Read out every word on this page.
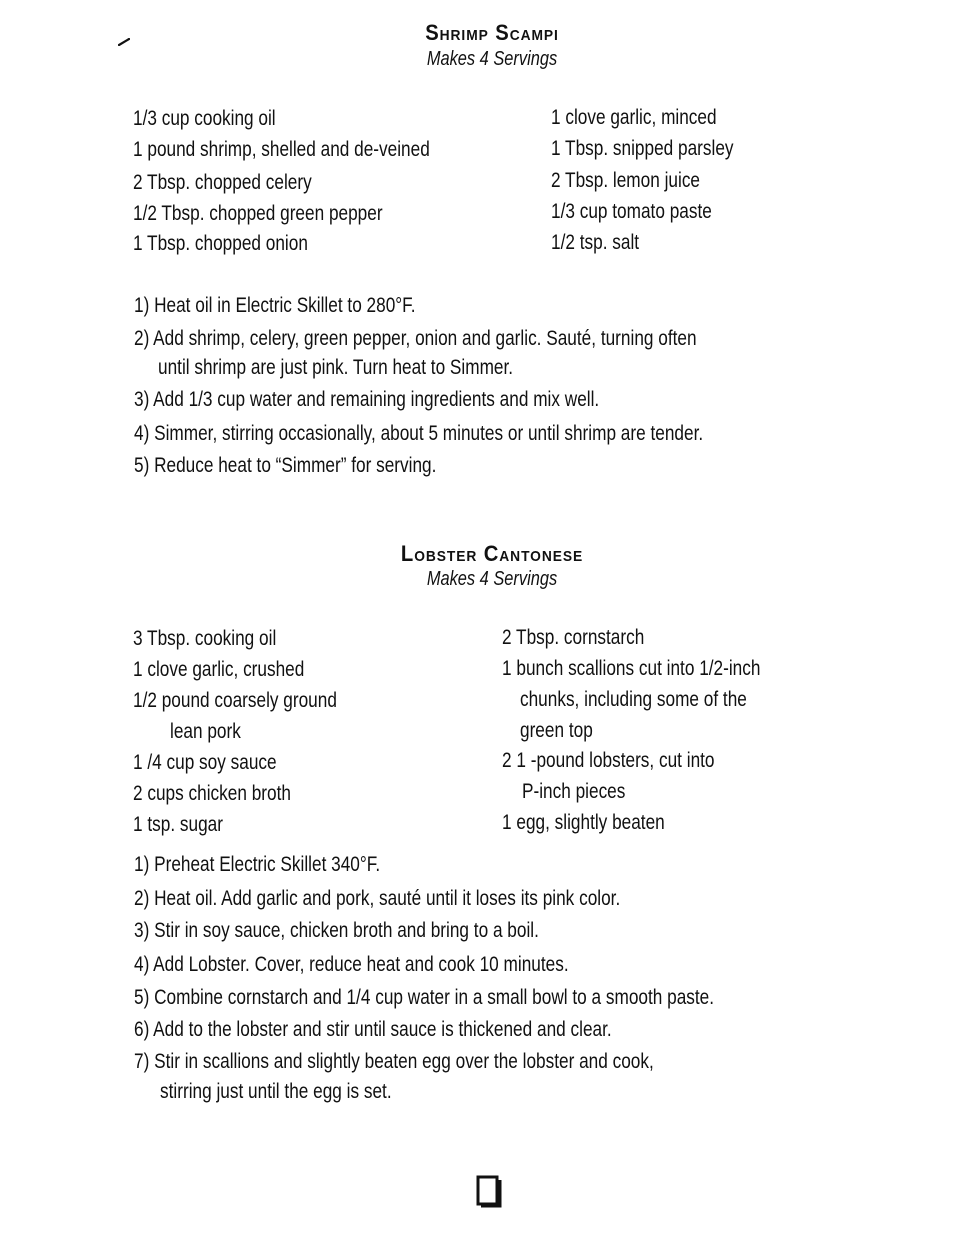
Shrimp Scampi
Makes 4 Servings
1/3 cup cooking oil
1 pound shrimp, shelled and de-veined
2 Tbsp. chopped celery
1/2 Tbsp. chopped green pepper
1 Tbsp. chopped onion
1 clove garlic, minced
1 Tbsp. snipped parsley
2 Tbsp. lemon juice
1/3 cup tomato paste
1/2 tsp. salt
1) Heat oil in Electric Skillet to 280°F.
2) Add shrimp, celery, green pepper, onion and garlic. Sauté, turning often
until shrimp are just pink. Turn heat to Simmer.
3) Add 1/3 cup water and remaining ingredients and mix well.
4) Simmer, stirring occasionally, about 5 minutes or until shrimp are tender.
5) Reduce heat to “Simmer” for serving.
Lobster Cantonese
Makes 4 Servings
3 Tbsp. cooking oil
1 clove garlic, crushed
1/2 pound coarsely ground
lean pork
1 /4 cup soy sauce
2 cups chicken broth
1 tsp. sugar
2 Tbsp. cornstarch
1 bunch scallions cut into 1/2-inch
chunks, including some of the
green top
2 1 -pound lobsters, cut into
P-inch pieces
1 egg, slightly beaten
1) Preheat Electric Skillet 340°F.
2) Heat oil. Add garlic and pork, sauté until it loses its pink color.
3) Stir in soy sauce, chicken broth and bring to a boil.
4) Add Lobster. Cover, reduce heat and cook 10 minutes.
5) Combine cornstarch and 1/4 cup water in a small bowl to a smooth paste.
6) Add to the lobster and stir until sauce is thickened and clear.
7) Stir in scallions and slightly beaten egg over the lobster and cook,
stirring just until the egg is set.
